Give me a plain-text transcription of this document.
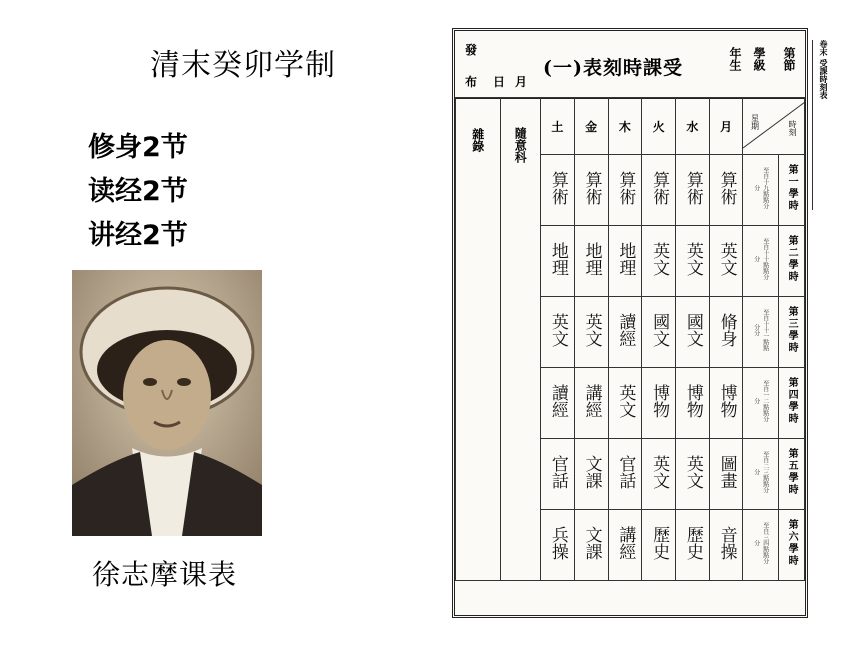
清末癸卯学制
修身2节
读经2节
讲经2节
徐志摩课表
發
布 日 月
(一)表刻時課受	年生 學級 第節
雜錄	隨意科	土	金	木	火	水	月	星期 時刻	

		算術	算術	算術	算術	算術	算術	至自十九點點分分	第一學時
		地理	地理	地理	英文	英文	英文	至自十十點點分分	第二學時
		英文	英文	讀經	國文	國文	脩身	至自十十一點點分分	第三學時
		讀經	講經	英文	博物	博物	博物	至自一二點點分分	第四學時
		官話	文課	官話	英文	英文	圖畫	至自二三點點分分	第五學時
		兵操	文課	講經	歷史	歷史	音操	至自三四點點分分	第六學時
卷末 受課時刻表
